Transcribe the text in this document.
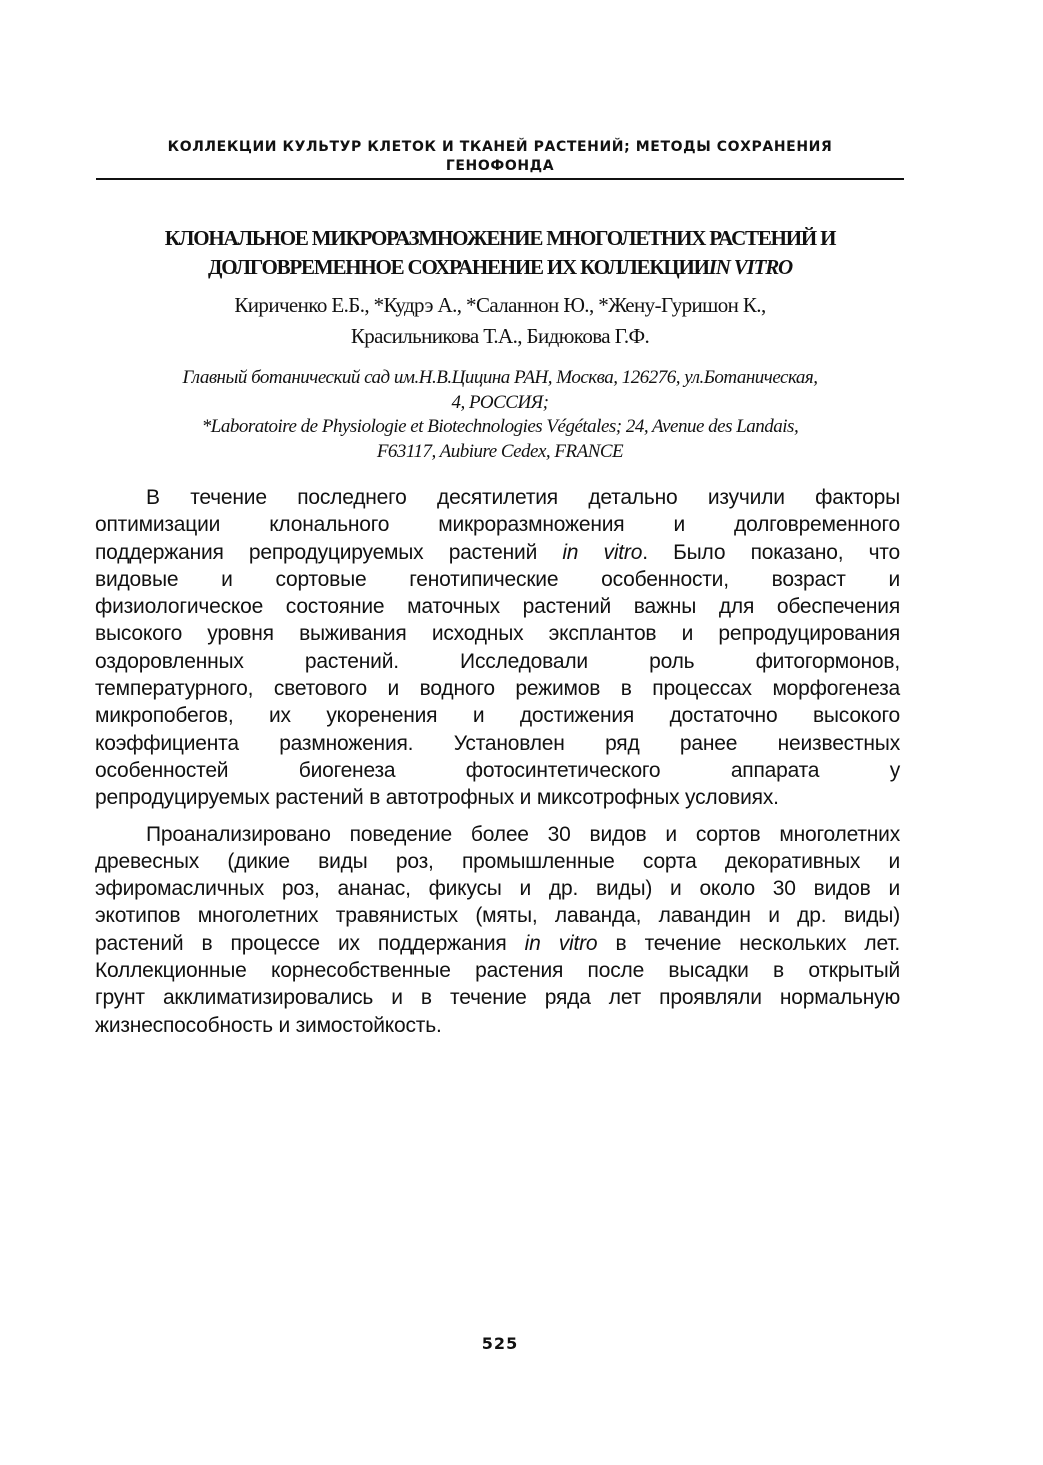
КОЛЛЕКЦИИ КУЛЬТУР КЛЕТОК И ТКАНЕЙ РАСТЕНИЙ; МЕТОДЫ СОХРАНЕНИЯ
ГЕНОФОНДА
КЛОНАЛЬНОЕ МИКРОРАЗМНОЖЕНИЕ МНОГОЛЕТНИХ РАСТЕНИЙ И
ДОЛГОВРЕМЕННОЕ СОХРАНЕНИЕ ИХ КОЛЛЕКЦИИIN VITRO
Кириченко Е.Б., *Кудрэ А., *Саланнон Ю., *Жену-Гуришон К.,
Красильникова Т.А., Бидюкова Г.Ф.
Главный ботанический сад им.Н.В.Цицина РАН, Москва, 126276, ул.Ботаническая,
4, РОССИЯ;
*Laboratoire de Physiologie et Biotechnologies Végétales; 24, Avenue des Landais,
F63117, Aubiure Cedex, FRANCE
В течение последнего десятилетия детально изучили факторы
оптимизации клонального микроразмножения и долговременного
поддержания репродуцируемых растений in vitro. Было показано, что
видовые и сортовые генотипические особенности, возраст и
физиологическое состояние маточных растений важны для обеспечения
высокого уровня выживания исходных эксплантов и репродуцирования
оздоровленных растений. Исследовали роль фитогормонов,
температурного, светового и водного режимов в процессах морфогенеза
микропобегов, их укоренения и достижения достаточно высокого
коэффициента размножения. Установлен ряд ранее неизвестных
особенностей биогенеза фотосинтетического аппарата у
репродуцируемых растений в автотрофных и миксотрофных условиях.
Проанализировано поведение более 30 видов и сортов многолетних
древесных (дикие виды роз, промышленные сорта декоративных и
эфиромасличных роз, ананас, фикусы и др. виды) и около 30 видов и
экотипов многолетних травянистых (мяты, лаванда, лавандин и др. виды)
растений в процессе их поддержания in vitro в течение нескольких лет.
Коллекционные корнесобственные растения после высадки в открытый
грунт акклиматизировались и в течение ряда лет проявляли нормальную
жизнеспособность и зимостойкость.
525
